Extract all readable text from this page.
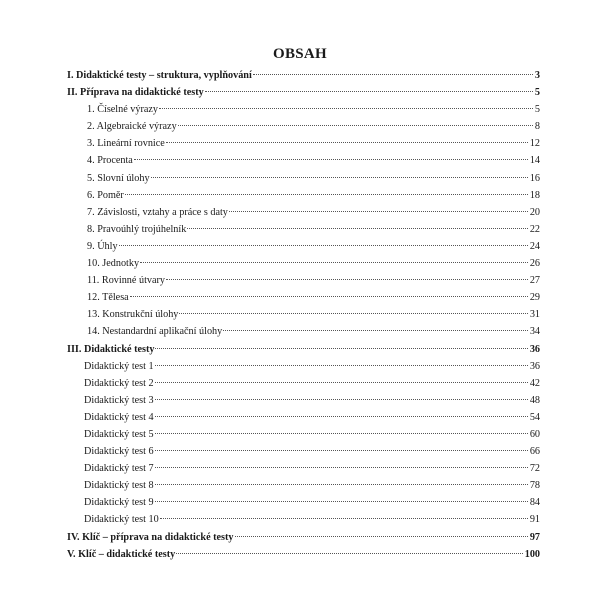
OBSAH
I. Didaktické testy – struktura, vyplňování	3
II. Příprava na didaktické testy	5
1. Číselné výrazy	5
2. Algebraické výrazy	8
3. Lineární rovnice	12
4. Procenta	14
5. Slovní úlohy	16
6. Poměr	18
7. Závislosti, vztahy a práce s daty	20
8. Pravoúhlý trojúhelník	22
9. Úhly	24
10. Jednotky	26
11. Rovinné útvary	27
12. Tělesa	29
13. Konstrukční úlohy	31
14. Nestandardní aplikační úlohy	34
III. Didaktické testy	36
Didaktický test 1	36
Didaktický test 2	42
Didaktický test 3	48
Didaktický test 4	54
Didaktický test 5	60
Didaktický test 6	66
Didaktický test 7	72
Didaktický test 8	78
Didaktický test 9	84
Didaktický test 10	91
IV. Klíč – příprava na didaktické testy	97
V. Klíč – didaktické testy	100
